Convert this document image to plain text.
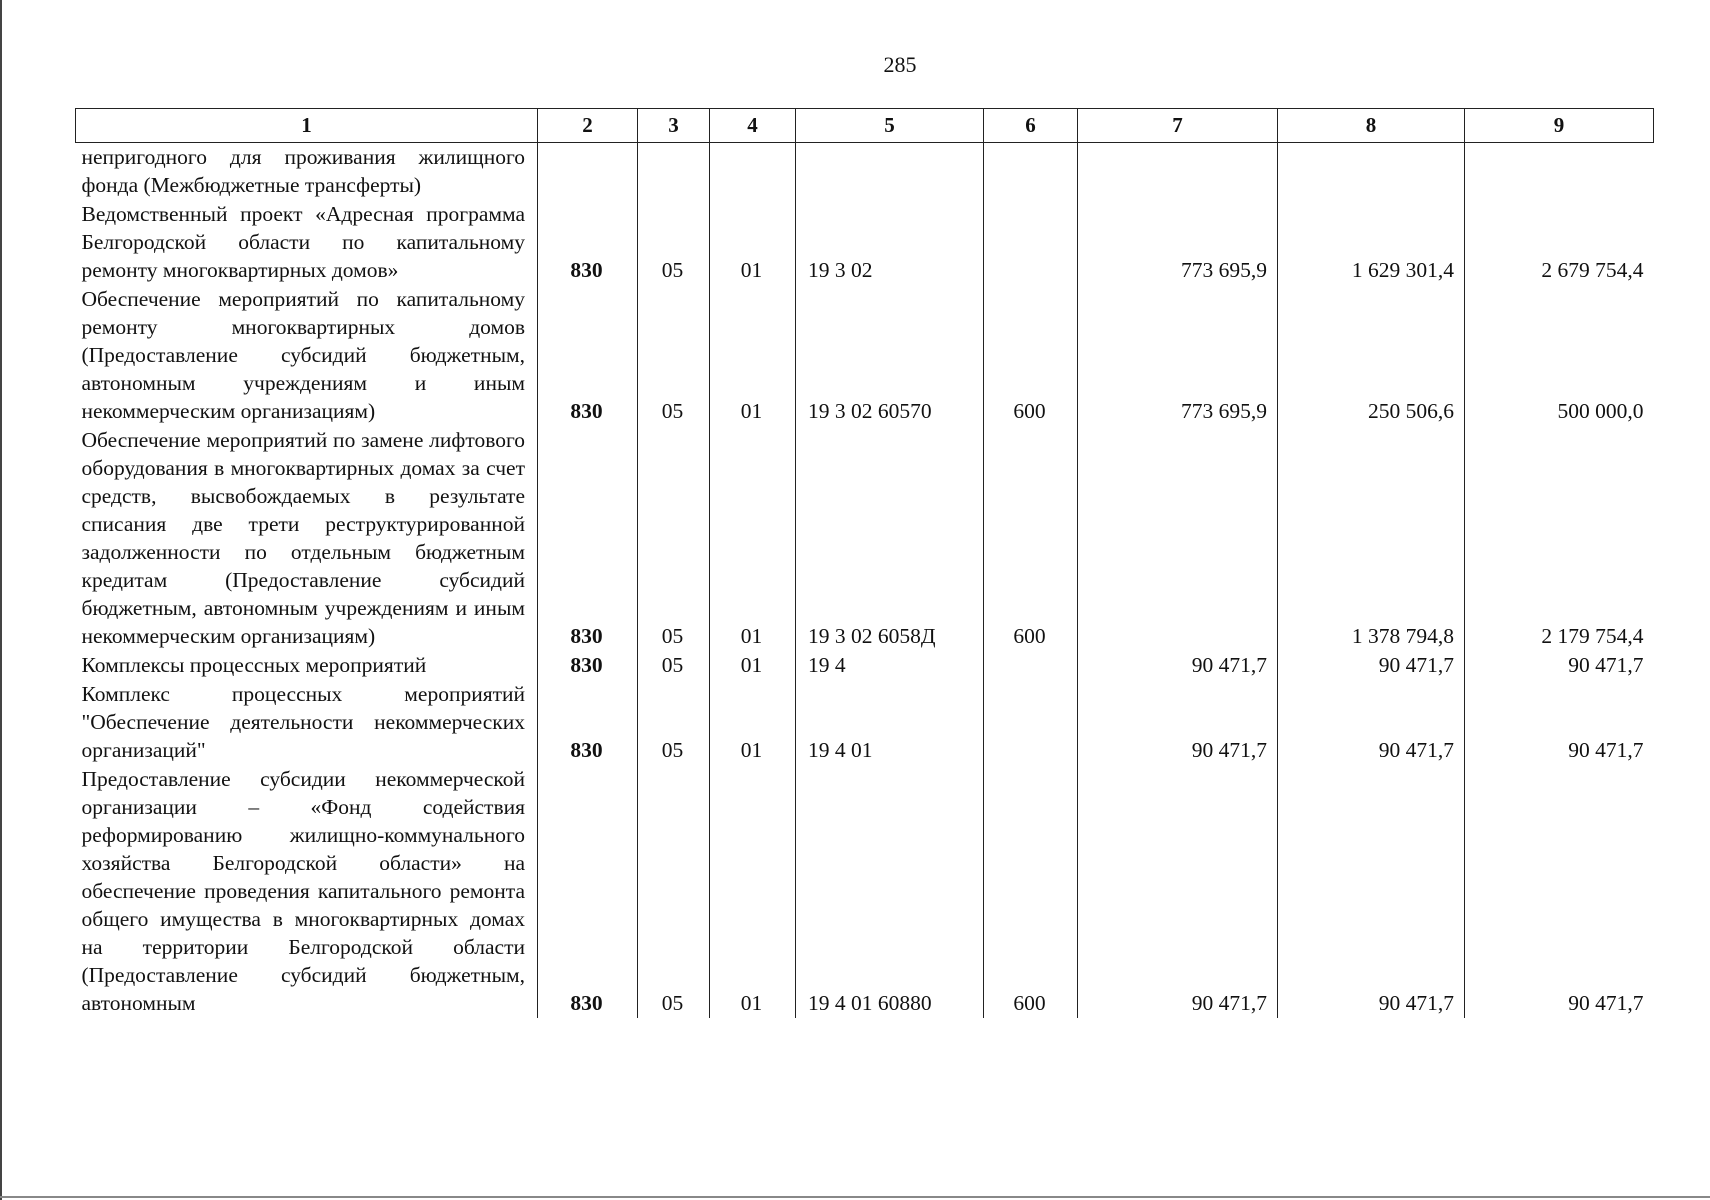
285
1	2	3	4	5	6	7	8	9
непригодного для проживания жилищного фонда (Межбюджетные трансферты)								
Ведомственный проект «Адресная программа Белгородской области по капитальному ремонту многоквартирных домов»	830	05	01	19 3 02		773 695,9	1 629 301,4	2 679 754,4
Обеспечение мероприятий по капитальному ремонту многоквартирных домов (Предоставление субсидий бюджетным, автономным учреждениям и иным некоммерческим организациям)	830	05	01	19 3 02 60570	600	773 695,9	250 506,6	500 000,0
Обеспечение мероприятий по замене лифтового оборудования в многоквартирных домах за счет средств, высвобождаемых в результате списания две трети реструктурированной задолженности по отдельным бюджетным кредитам (Предоставление субсидий бюджетным, автономным учреждениям и иным некоммерческим организациям)	830	05	01	19 3 02 6058Д	600		1 378 794,8	2 179 754,4
Комплексы процессных мероприятий	830	05	01	19 4		90 471,7	90 471,7	90 471,7
Комплекс процессных мероприятий "Обеспечение деятельности некоммерческих организаций"	830	05	01	19 4 01		90 471,7	90 471,7	90 471,7
Предоставление субсидии некоммерческой организации – «Фонд содействия реформированию жилищно-коммунального хозяйства Белгородской области» на обеспечение проведения капитального ремонта общего имущества в многоквартирных домах на территории Белгородской области (Предоставление субсидий бюджетным, автономным	830	05	01	19 4 01 60880	600	90 471,7	90 471,7	90 471,7
